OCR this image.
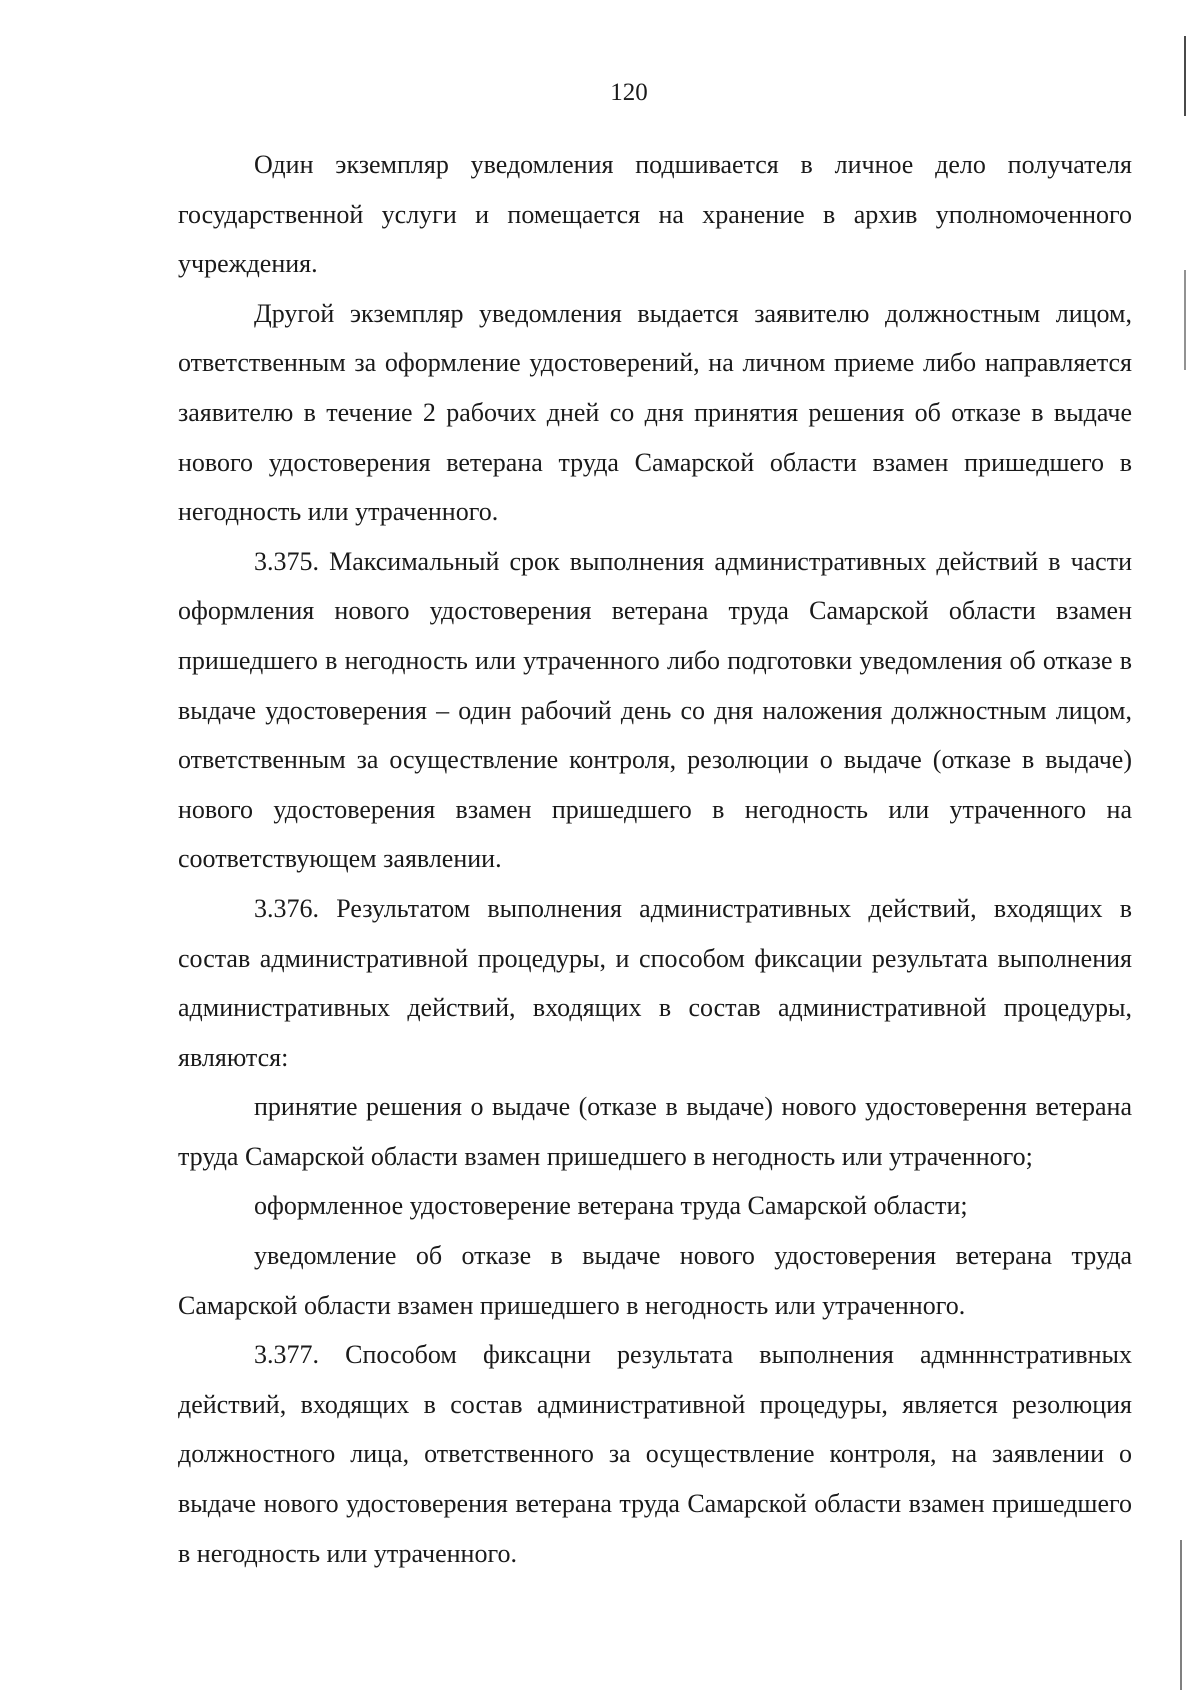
120

Один экземпляр уведомления подшивается в личное дело получателя государственной услуги и помещается на хранение в архив уполномоченного учреждения.

Другой экземпляр уведомления выдается заявителю должностным лицом, ответственным за оформление удостоверений, на личном приеме либо направляется заявителю в течение 2 рабочих дней со дня принятия решения об отказе в выдаче нового удостоверения ветерана труда Самарской области взамен пришедшего в негодность или утраченного.

3.375. Максимальный срок выполнения административных действий в части оформления нового удостоверения ветерана труда Самарской области взамен пришедшего в негодность или утраченного либо подготовки уведомления об отказе в выдаче удостоверения – один рабочий день со дня наложения должностным лицом, ответственным за осуществление контроля, резолюции о выдаче (отказе в выдаче) нового удостоверения взамен пришедшего в негодность или утраченного на соответствующем заявлении.

3.376. Результатом выполнения административных действий, входящих в состав административной процедуры, и способом фиксации результата выполнения административных действий, входящих в состав административной процедуры, являются:

принятие решения о выдаче (отказе в выдаче) нового удостоверення ветерана труда Самарской области взамен пришедшего в негодность или утраченного;

оформленное удостоверение ветерана труда Самарской области;

уведомление об отказе в выдаче нового удостоверения ветерана труда Самарской области взамен пришедшего в негодность или утраченного.

3.377. Способом фиксацни результата выполнения адмнннстративных действий, входящих в состав административной процедуры, является резолюция должностного лица, ответственного за осуществление контроля, на заявлении о выдаче нового удостоверения ветерана труда Самарской области взамен пришедшего в негодность или утраченного.
